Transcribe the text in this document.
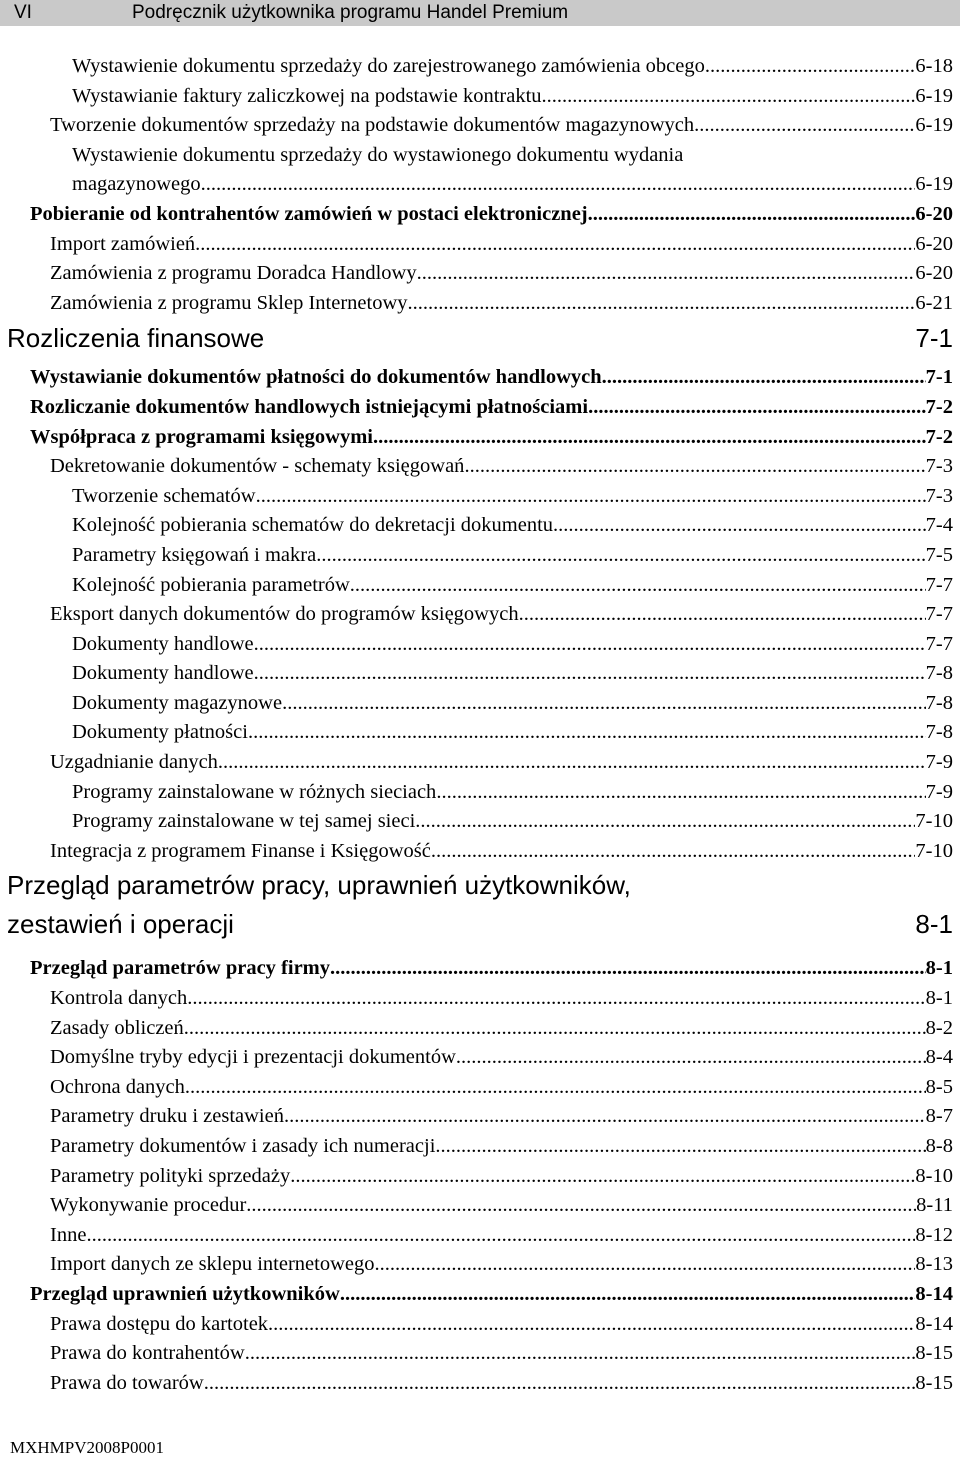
VI	Podręcznik użytkownika programu Handel Premium
Wystawienie dokumentu sprzedaży do zarejestrowanego zamówienia obcego .....	6-18
Wystawianie faktury zaliczkowej na podstawie kontraktu .....	6-19
Tworzenie dokumentów sprzedaży na podstawie dokumentów magazynowych .....	6-19
Wystawienie dokumentu sprzedaży do wystawionego dokumentu wydania
magazynowego .....	6-19
Pobieranie od kontrahentów zamówień w postaci elektronicznej .....	6-20
Import zamówień .....	6-20
Zamówienia z programu Doradca Handlowy .....	6-20
Zamówienia z programu Sklep Internetowy .....	6-21
Rozliczenia finansowe	7-1
Wystawianie dokumentów płatności do dokumentów handlowych .....	7-1
Rozliczanie dokumentów handlowych istniejącymi płatnościami .....	7-2
Współpraca z programami księgowymi .....	7-2
Dekretowanie dokumentów - schematy księgowań .....	7-3
Tworzenie schematów .....	7-3
Kolejność pobierania schematów do dekretacji dokumentu .....	7-4
Parametry księgowań i makra .....	7-5
Kolejność pobierania parametrów .....	7-7
Eksport danych dokumentów do programów księgowych .....	7-7
Dokumenty handlowe .....	7-7
Dokumenty handlowe .....	7-8
Dokumenty magazynowe .....	7-8
Dokumenty płatności .....	7-8
Uzgadnianie danych .....	7-9
Programy zainstalowane w różnych sieciach .....	7-9
Programy zainstalowane w tej samej sieci .....	7-10
Integracja z programem Finanse i Księgowość .....	7-10
Przegląd parametrów pracy, uprawnień użytkowników,
zestawień i operacji	8-1
Przegląd parametrów pracy firmy .....	8-1
Kontrola danych .....	8-1
Zasady obliczeń .....	8-2
Domyślne tryby edycji i prezentacji dokumentów .....	8-4
Ochrona danych .....	8-5
Parametry druku i zestawień .....	8-7
Parametry dokumentów i zasady ich numeracji .....	8-8
Parametry polityki sprzedaży .....	8-10
Wykonywanie procedur .....	8-11
Inne .....	8-12
Import danych ze sklepu internetowego .....	8-13
Przegląd uprawnień użytkowników .....	8-14
Prawa dostępu do kartotek .....	8-14
Prawa do kontrahentów .....	8-15
Prawa do towarów .....	8-15
MXHMPV2008P0001
